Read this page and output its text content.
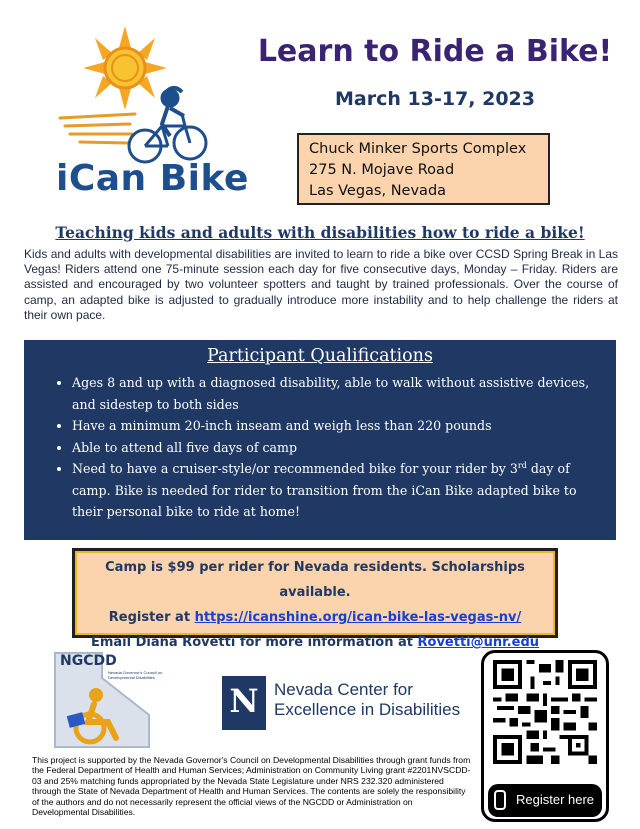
iCan Bike
Learn to Ride a Bike!
March 13-17, 2023
Chuck Minker Sports Complex
275 N. Mojave Road
Las Vegas, Nevada
Teaching kids and adults with disabilities how to ride a bike!
Kids and adults with developmental disabilities are invited to learn to ride a bike over CCSD Spring Break in Las Vegas! Riders attend one 75-minute session each day for five consecutive days, Monday – Friday. Riders are assisted and encouraged by two volunteer spotters and taught by trained professionals. Over the course of camp, an adapted bike is adjusted to gradually introduce more instability and to help challenge the riders at their own pace.
Participant Qualifications
• Ages 8 and up with a diagnosed disability, able to walk without assistive devices, and sidestep to both sides
• Have a minimum 20-inch inseam and weigh less than 220 pounds
• Able to attend all five days of camp
• Need to have a cruiser-style/or recommended bike for your rider by 3rd day of camp. Bike is needed for rider to transition from the iCan Bike adapted bike to their personal bike to ride at home!
Camp is $99 per rider for Nevada residents. Scholarships available.
Register at https://icanshine.org/ican-bike-las-vegas-nv/
Email Diana Rovetti for more information at Rovetti@unr.edu
NGCDD
Nevada Governor's Council on Developmental Disabilities
N Nevada Center for
Excellence in Disabilities
Register here
This project is supported by the Nevada Governor's Council on Developmental Disabilities through grant funds from the Federal Department of Health and Human Services; Administration on Community Living grant #2201NVSCDD-03 and 25% matching funds appropriated by the Nevada State Legislature under NRS 232.320 administered through the State of Nevada Department of Health and Human Services. The contents are solely the responsibility of the authors and do not necessarily represent the official views of the NGCDD or Administration on Developmental Disabilities.
